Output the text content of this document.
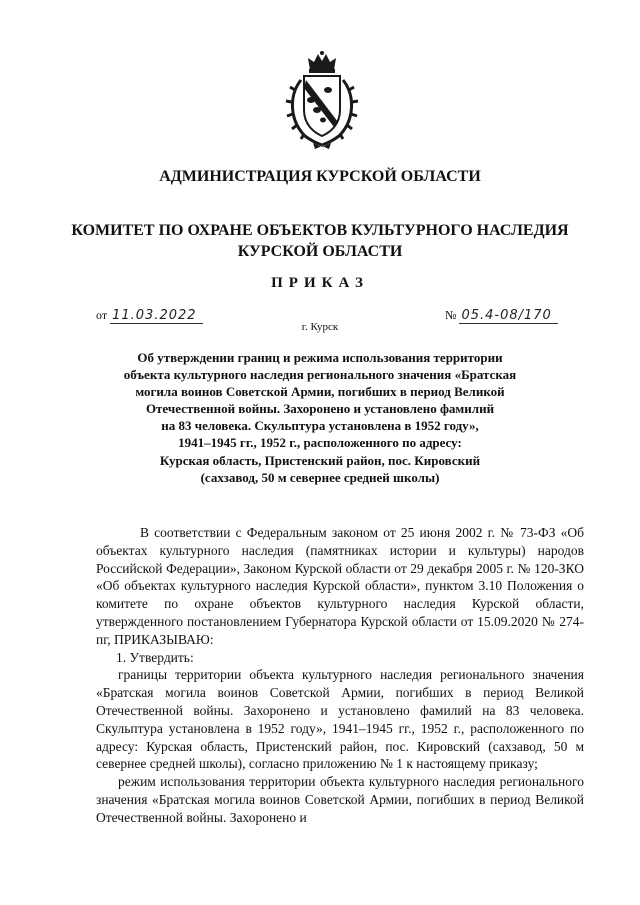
АДМИНИСТРАЦИЯ КУРСКОЙ ОБЛАСТИ
КОМИТЕТ ПО ОХРАНЕ ОБЪЕКТОВ КУЛЬТУРНОГО НАСЛЕДИЯ
КУРСКОЙ ОБЛАСТИ
ПРИКАЗ
от 11.03.2022	№ 05.4-08/170
г. Курск
Об утверждении границ и режима использования территории
объекта культурного наследия регионального значения «Братская
могила воинов Советской Армии, погибших в период Великой
Отечественной войны. Захоронено и установлено фамилий
на 83 человека. Скульптура установлена в 1952 году»,
1941–1945 гг., 1952 г., расположенного по адресу:
Курская область, Пристенский район, пос. Кировский
(сахзавод, 50 м севернее средней школы)

В соответствии с Федеральным законом от 25 июня 2002 г. № 73-ФЗ «Об объектах культурного наследия (памятниках истории и культуры) народов Российской Федерации», Законом Курской области от 29 декабря 2005 г. № 120-ЗКО «Об объектах культурного наследия Курской области», пунктом 3.10 Положения о комитете по охране объектов культурного наследия Курской области, утвержденного постановлением Губернатора Курской области от 15.09.2020 № 274-пг, ПРИКАЗЫВАЮ:

1. Утвердить:

границы территории объекта культурного наследия регионального значения «Братская могила воинов Советской Армии, погибших в период Великой Отечественной войны. Захоронено и установлено фамилий на 83 человека. Скульптура установлена в 1952 году», 1941–1945 гг., 1952 г., расположенного по адресу: Курская область, Пристенский район, пос. Кировский (сахзавод, 50 м севернее средней школы), согласно приложению № 1 к настоящему приказу;

режим использования территории объекта культурного наследия регионального значения «Братская могила воинов Советской Армии, погибших в период Великой Отечественной войны. Захоронено и
